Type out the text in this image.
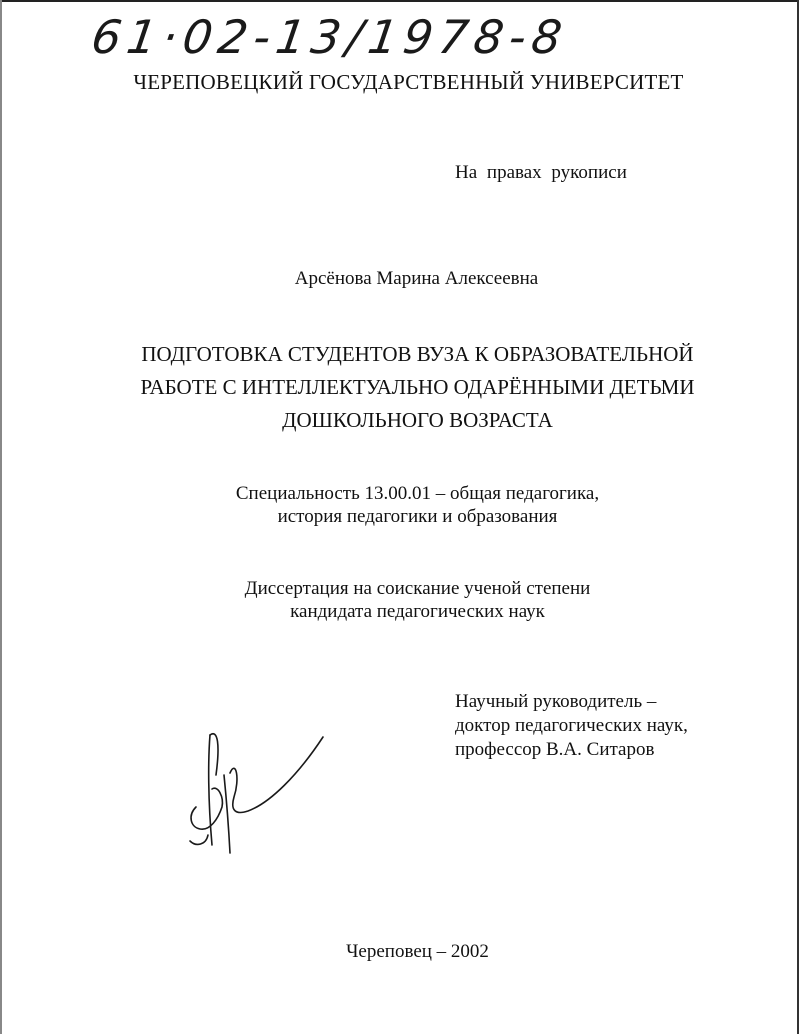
61·02-13/1978-8
ЧЕРЕПОВЕЦКИЙ ГОСУДАРСТВЕННЫЙ УНИВЕРСИТЕТ
На правах рукописи
Арсёнова Марина Алексеевна
ПОДГОТОВКА СТУДЕНТОВ ВУЗА К ОБРАЗОВАТЕЛЬНОЙ
РАБОТЕ С ИНТЕЛЛЕКТУАЛЬНО ОДАРЁННЫМИ ДЕТЬМИ
ДОШКОЛЬНОГО ВОЗРАСТА
Специальность 13.00.01 – общая педагогика,
история педагогики и образования
Диссертация на соискание ученой степени
кандидата педагогических наук
Научный руководитель –
доктор педагогических наук,
профессор В.А. Ситаров
Череповец – 2002
